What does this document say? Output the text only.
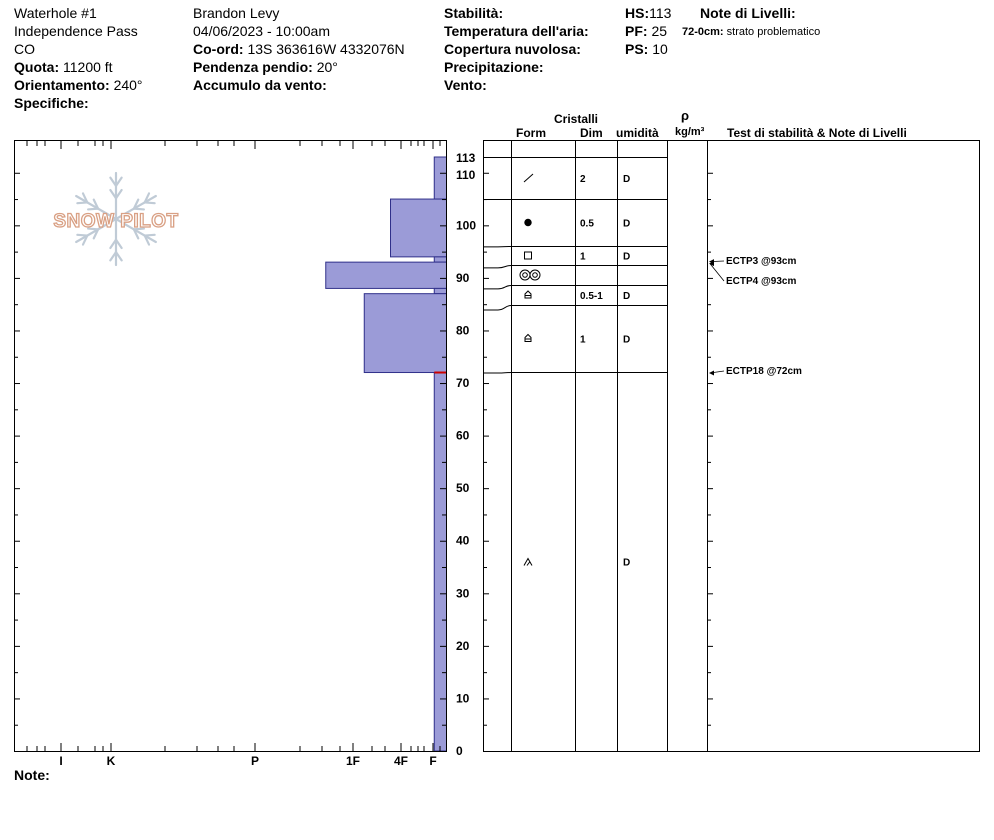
Waterhole #1
Independence Pass
CO
Quota: 11200 ft
Orientamento: 240°
Specifiche:
Brandon Levy
04/06/2023 - 10:00am
Co-ord: 13S 363616W 4332076N
Pendenza pendio: 20°
Accumulo da vento:
Stabilità:
Temperatura dell'aria:
Copertura nuvolosa:
Precipitazione:
Vento:
HS:113
PF: 25
PS: 10
Note di Livelli:
72-0cm: strato problematico
Cristalli
Form	Dim umidità
ρ
kg/m³ Test di stabilità & Note di Livelli
Note:
SNOW PILOT
0
10
20
30
40
50
60
70
80
90
100
110
113
I	K	P	1F	4F F
2	D
0.5	D
1	D
0.5-1 D
1	D
D
ECTP3 @93cm
ECTP4 @93cm
ECTP18 @72cm
